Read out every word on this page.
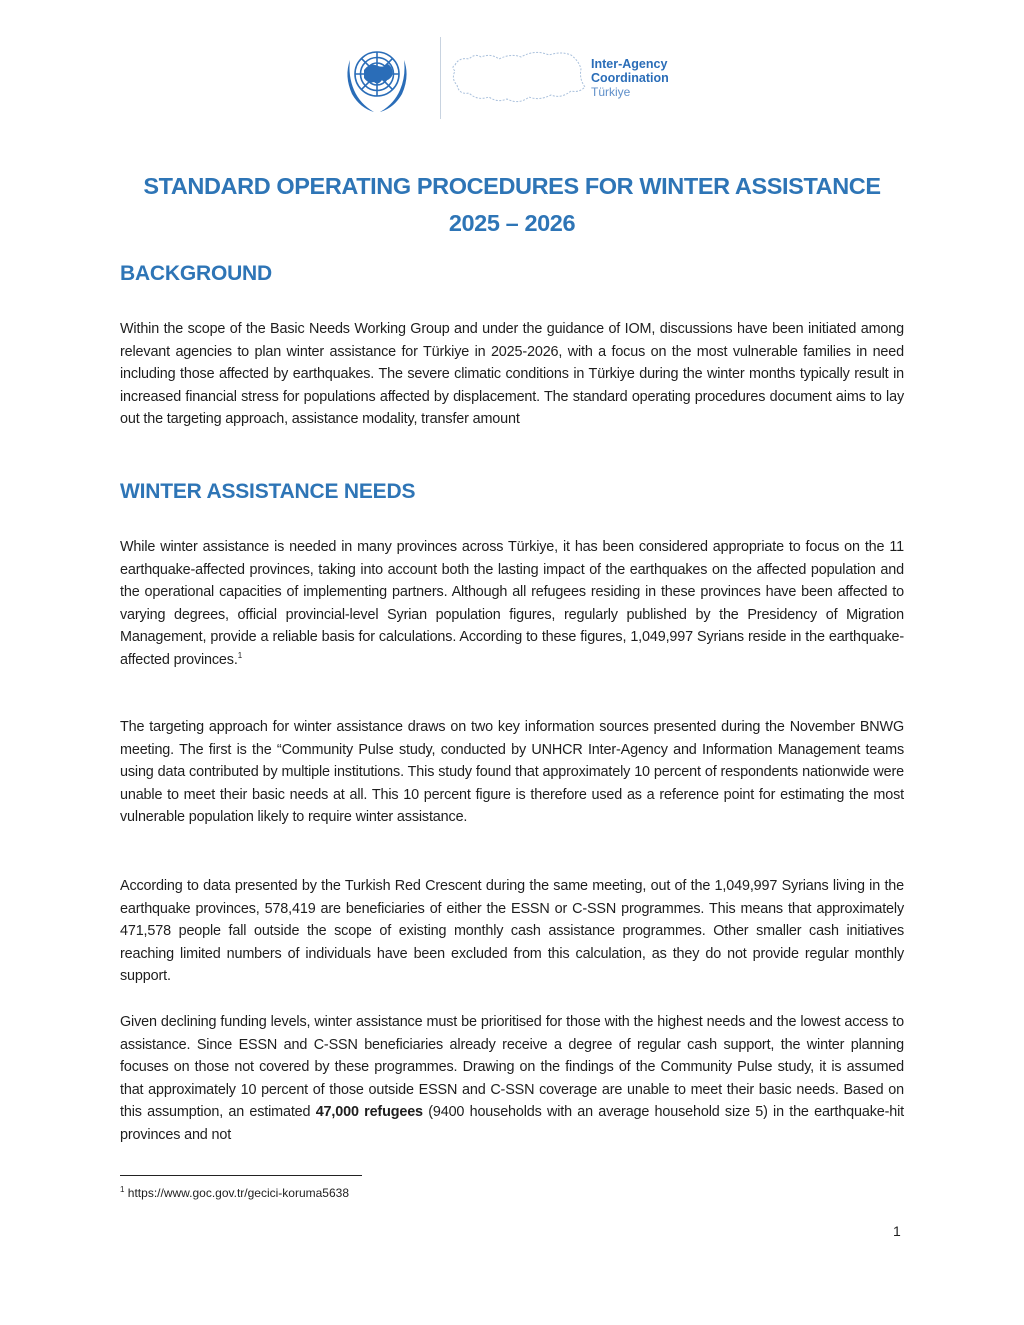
Inter-Agency
Coordination
Türkiye
STANDARD OPERATING PROCEDURES FOR WINTER ASSISTANCE
2025 – 2026
BACKGROUND
Within the scope of the Basic Needs Working Group and under the guidance of IOM, discussions have been initiated among relevant agencies to plan winter assistance for Türkiye in 2025-2026, with a focus on the most vulnerable families in need including those affected by earthquakes. The severe climatic conditions in Türkiye during the winter months typically result in increased financial stress for populations affected by displacement. The standard operating procedures document aims to lay out the targeting approach, assistance modality, transfer amount
WINTER ASSISTANCE NEEDS
While winter assistance is needed in many provinces across Türkiye, it has been considered appropriate to focus on the 11 earthquake-affected provinces, taking into account both the lasting impact of the earthquakes on the affected population and the operational capacities of implementing partners. Although all refugees residing in these provinces have been affected to varying degrees, official provincial-level Syrian population figures, regularly published by the Presidency of Migration Management, provide a reliable basis for calculations. According to these figures, 1,049,997 Syrians reside in the earthquake-affected provinces.$^1$
The targeting approach for winter assistance draws on two key information sources presented during the November BNWG meeting. The first is the “Community Pulse study, conducted by UNHCR Inter-Agency and Information Management teams using data contributed by multiple institutions. This study found that approximately 10 percent of respondents nationwide were unable to meet their basic needs at all. This 10 percent figure is therefore used as a reference point for estimating the most vulnerable population likely to require winter assistance.
According to data presented by the Turkish Red Crescent during the same meeting, out of the 1,049,997 Syrians living in the earthquake provinces, 578,419 are beneficiaries of either the ESSN or C-SSN programmes. This means that approximately 471,578 people fall outside the scope of existing monthly cash assistance programmes. Other smaller cash initiatives reaching limited numbers of individuals have been excluded from this calculation, as they do not provide regular monthly support.
Given declining funding levels, winter assistance must be prioritised for those with the highest needs and the lowest access to assistance. Since ESSN and C-SSN beneficiaries already receive a degree of regular cash support, the winter planning focuses on those not covered by these programmes. Drawing on the findings of the Community Pulse study, it is assumed that approximately 10 percent of those outside ESSN and C-SSN coverage are unable to meet their basic needs. Based on this assumption, an estimated 47,000 refugees (9400 households with an average household size 5) in the earthquake-hit provinces and not
$^1$ https://www.goc.gov.tr/gecici-koruma5638
1
